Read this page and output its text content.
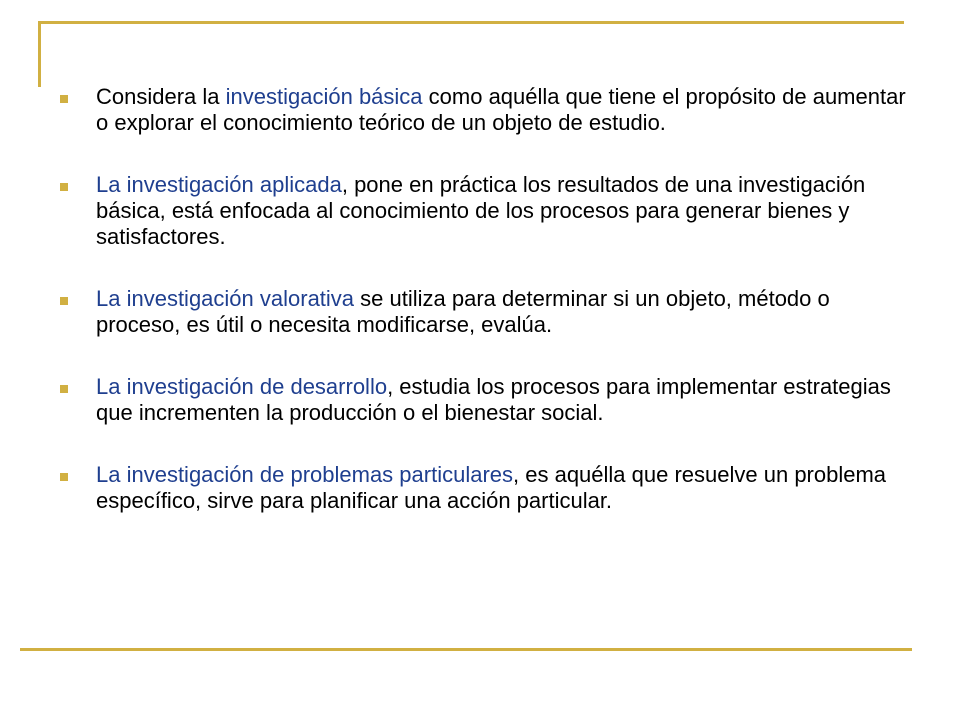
Considera la investigación básica como aquélla que tiene el propósito de aumentar o explorar el conocimiento teórico de un objeto de estudio.
La investigación aplicada, pone en práctica los resultados de una investigación básica, está enfocada al conocimiento de los procesos para generar bienes y satisfactores.
La investigación valorativa se utiliza para determinar si un objeto, método o proceso, es útil o necesita modificarse, evalúa.
La investigación de desarrollo, estudia los procesos para implementar estrategias que incrementen la producción o el bienestar social.
La investigación de problemas particulares, es aquélla que resuelve un problema específico, sirve para planificar una acción particular.
